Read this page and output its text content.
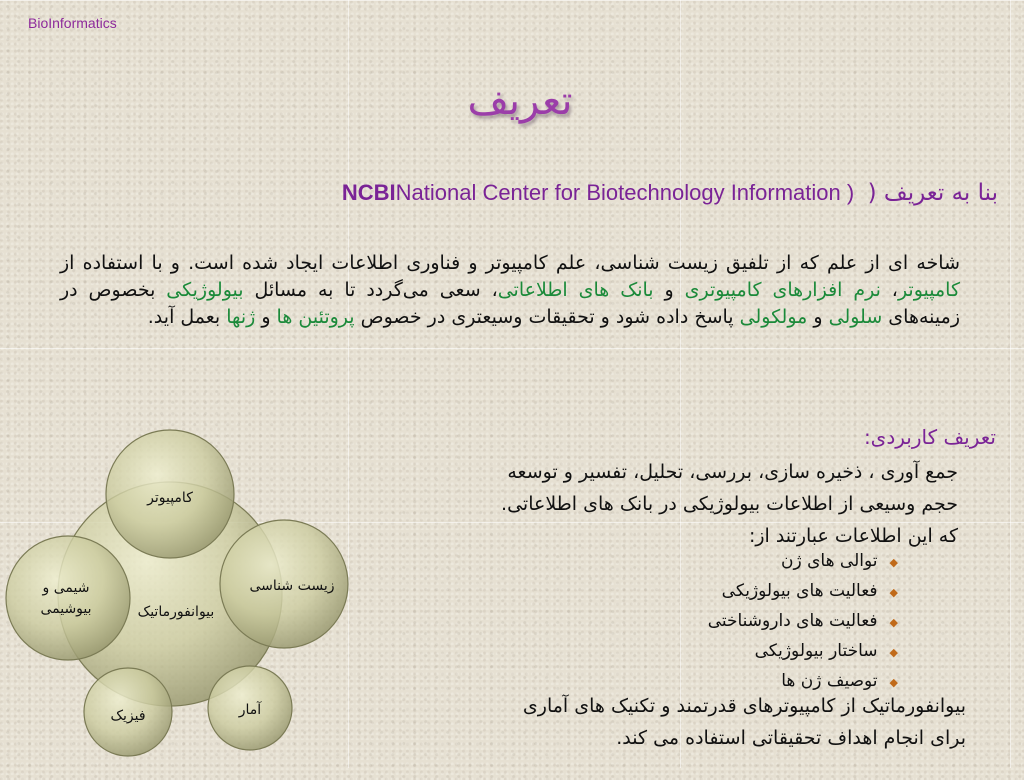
BioInformatics
تعریف
بنا به تعریف ( National Center for Biotechnology Information ) NCBI
شاخه ای از علم که از تلفیق زیست شناسی، علم کامپیوتر و فناوری اطلاعات ایجاد شده است. و با استفاده از کامپیوتر، نرم افزارهای کامپیوتری و بانک های اطلاعاتی، سعی می‌گردد تا به مسائل بیولوژیکی بخصوص در زمینه‌های سلولی و مولکولی پاسخ داده شود و تحقیقات وسیعتری در خصوص پروتئین ها و ژنها بعمل آید.
تعریف کاربردی:
جمع آوری ، ذخیره سازی، بررسی، تحلیل، تفسیر و توسعه
حجم وسیعی از اطلاعات بیولوژیکی در بانک های اطلاعاتی.
که این اطلاعات عبارتند از:
◆توالی های ژن
◆فعالیت های بیولوژیکی
◆فعالیت های داروشناختی
◆ساختار بیولوژیکی
◆توصیف ژن ها
بیوانفورماتیک از کامپیوترهای قدرتمند و تکنیک های آماری
برای انجام اهداف تحقیقاتی استفاده می کند.
بیوانفورماتیک
کامپیوتر
زیست شناسی
شیمی و
بیوشیمی
فیزیک	آمار
